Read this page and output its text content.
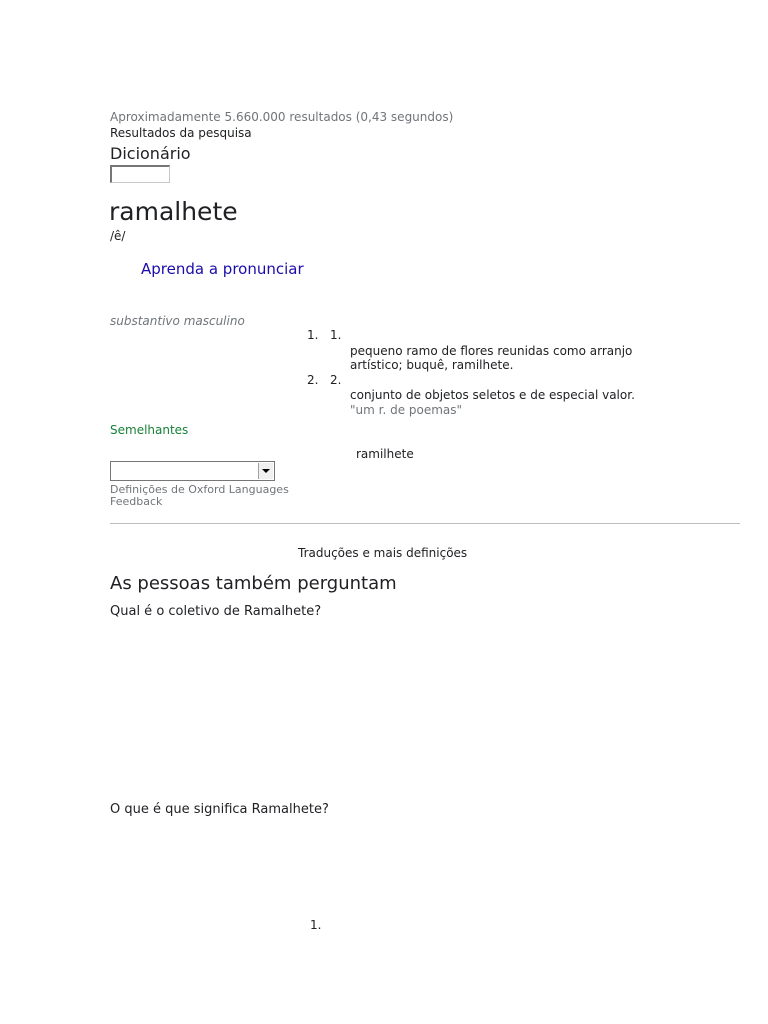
Aproximadamente 5.660.000 resultados (0,43 segundos)
Resultados da pesquisa
Dicionário
ramalhete
/ê/
Aprenda a pronunciar
substantivo masculino
1. 1.
pequeno ramo de flores reunidas como arranjo
artístico; buquê, ramilhete.
2. 2.
conjunto de objetos seletos e de especial valor.
"um r. de poemas"
Semelhantes
ramilhete
Definições de Oxford Languages
Feedback
Traduções e mais definições
As pessoas também perguntam
Qual é o coletivo de Ramalhete?
O que é que significa Ramalhete?
1.
